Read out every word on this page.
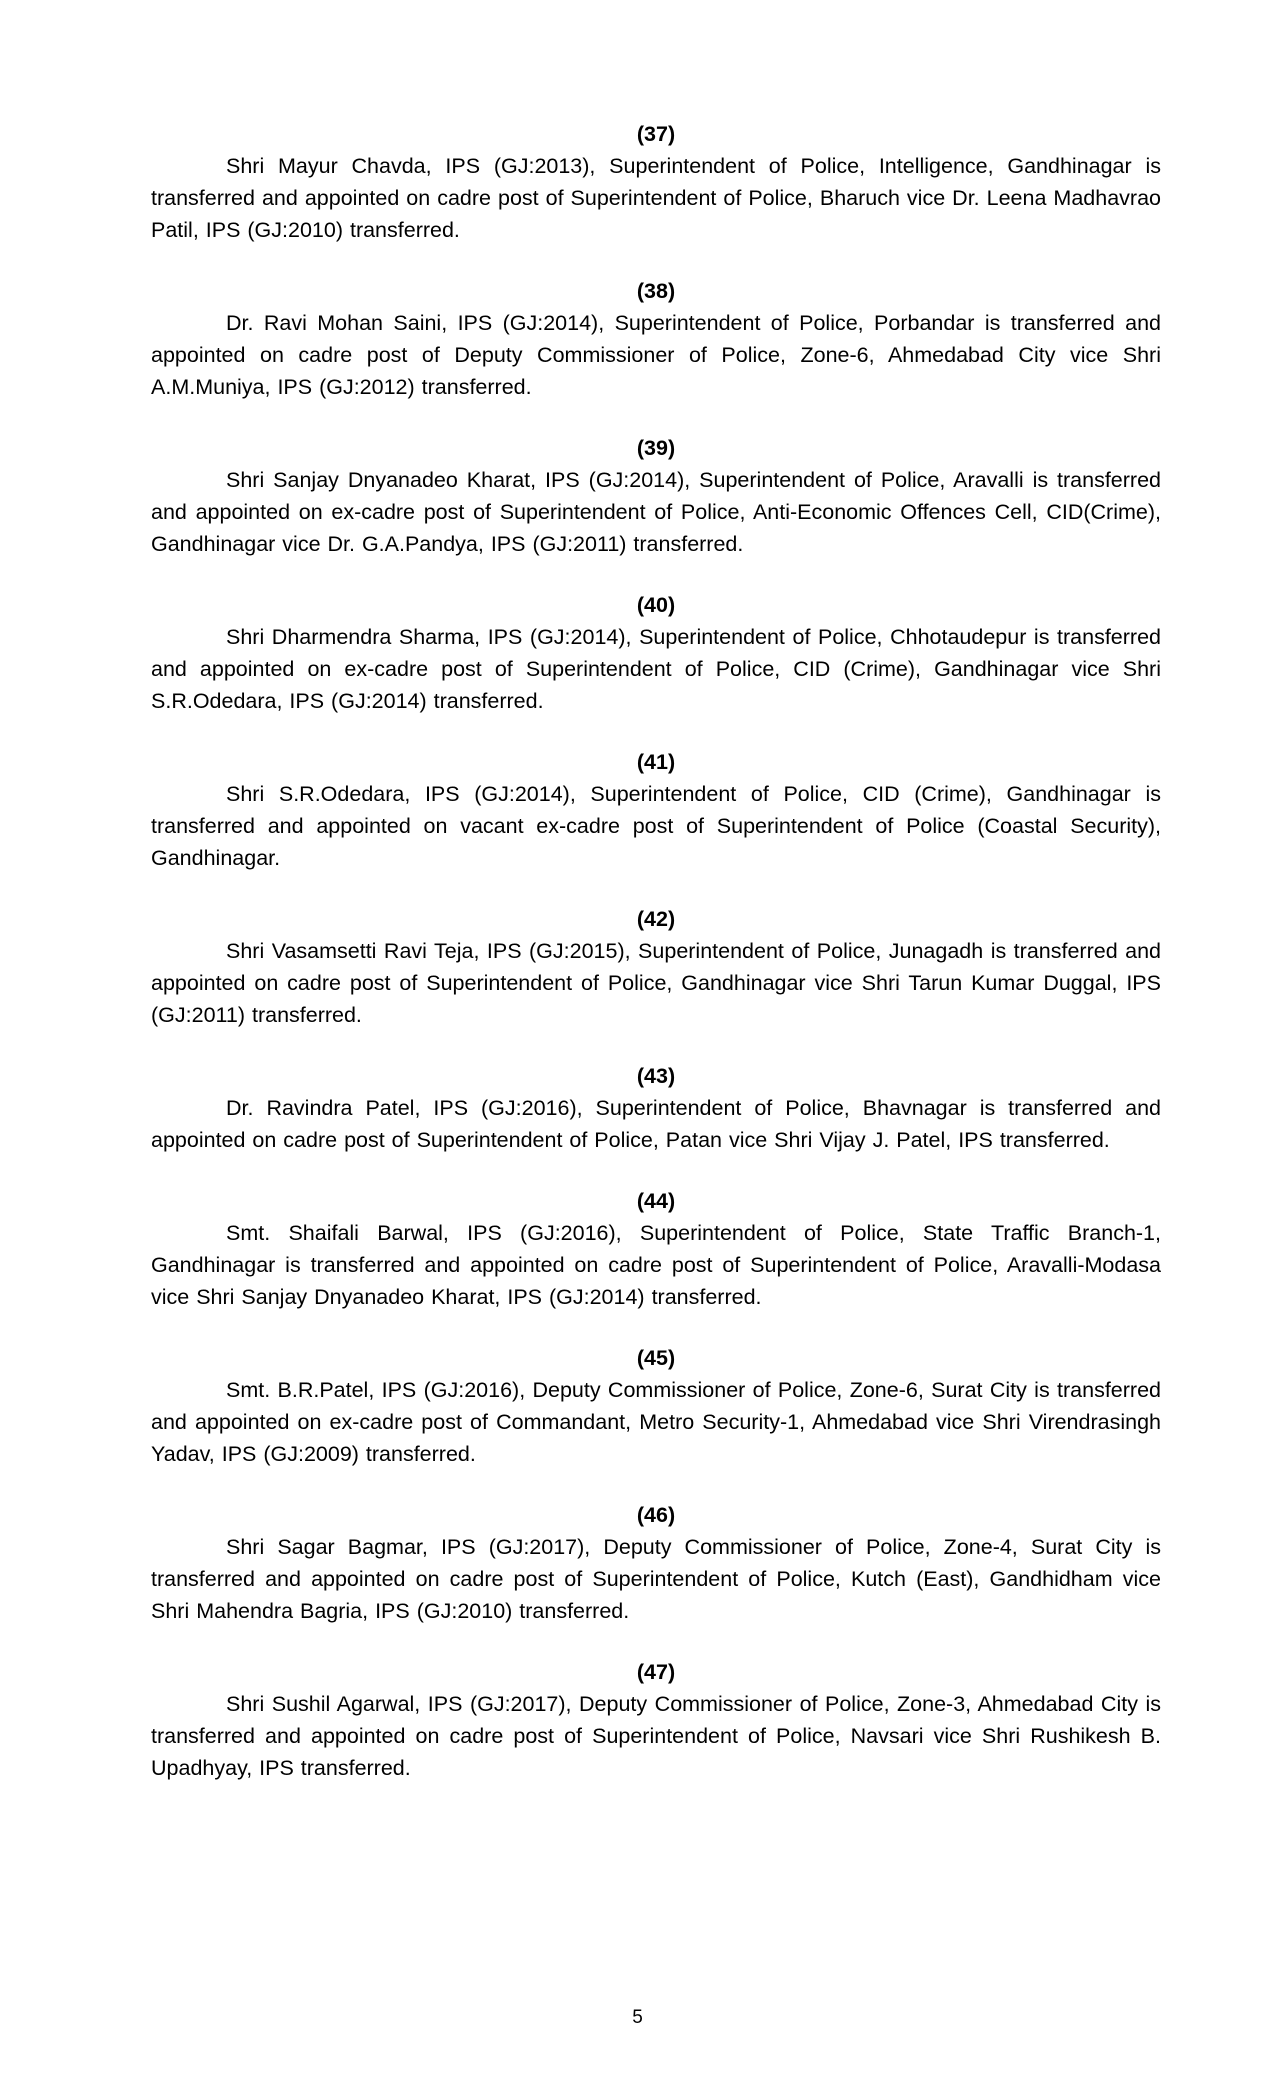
(37)

Shri Mayur Chavda, IPS (GJ:2013), Superintendent of Police, Intelligence, Gandhinagar is transferred and appointed on cadre post of Superintendent of Police, Bharuch vice Dr. Leena Madhavrao Patil, IPS (GJ:2010) transferred.

(38)

Dr. Ravi Mohan Saini, IPS (GJ:2014), Superintendent of Police, Porbandar is transferred and appointed on cadre post of Deputy Commissioner of Police, Zone-6, Ahmedabad City vice Shri A.M.Muniya, IPS (GJ:2012) transferred.

(39)

Shri Sanjay Dnyanadeo Kharat, IPS (GJ:2014), Superintendent of Police, Aravalli is transferred and appointed on ex-cadre post of Superintendent of Police, Anti-Economic Offences Cell, CID(Crime), Gandhinagar vice Dr. G.A.Pandya, IPS (GJ:2011) transferred.

(40)

Shri Dharmendra Sharma, IPS (GJ:2014), Superintendent of Police, Chhotaudepur is transferred and appointed on ex-cadre post of Superintendent of Police, CID (Crime), Gandhinagar vice Shri S.R.Odedara, IPS (GJ:2014) transferred.

(41)

Shri S.R.Odedara, IPS (GJ:2014), Superintendent of Police, CID (Crime), Gandhinagar is transferred and appointed on vacant ex-cadre post of Superintendent of Police (Coastal Security), Gandhinagar.

(42)

Shri Vasamsetti Ravi Teja, IPS (GJ:2015), Superintendent of Police, Junagadh is transferred and appointed on cadre post of Superintendent of Police, Gandhinagar vice Shri Tarun Kumar Duggal, IPS (GJ:2011) transferred.

(43)

Dr. Ravindra Patel, IPS (GJ:2016), Superintendent of Police, Bhavnagar is transferred and appointed on cadre post of Superintendent of Police, Patan vice Shri Vijay J. Patel, IPS transferred.

(44)

Smt. Shaifali Barwal, IPS (GJ:2016), Superintendent of Police, State Traffic Branch-1, Gandhinagar is transferred and appointed on cadre post of Superintendent of Police, Aravalli-Modasa vice Shri Sanjay Dnyanadeo Kharat, IPS (GJ:2014) transferred.

(45)

Smt. B.R.Patel, IPS (GJ:2016), Deputy Commissioner of Police, Zone-6, Surat City is transferred and appointed on ex-cadre post of Commandant, Metro Security-1, Ahmedabad vice Shri Virendrasingh Yadav, IPS (GJ:2009) transferred.

(46)

Shri Sagar Bagmar, IPS (GJ:2017), Deputy Commissioner of Police, Zone-4, Surat City is transferred and appointed on cadre post of Superintendent of Police, Kutch (East), Gandhidham vice Shri Mahendra Bagria, IPS (GJ:2010) transferred.

(47)

Shri Sushil Agarwal, IPS (GJ:2017), Deputy Commissioner of Police, Zone-3, Ahmedabad City is transferred and appointed on cadre post of Superintendent of Police, Navsari vice Shri Rushikesh B. Upadhyay, IPS transferred.

5
